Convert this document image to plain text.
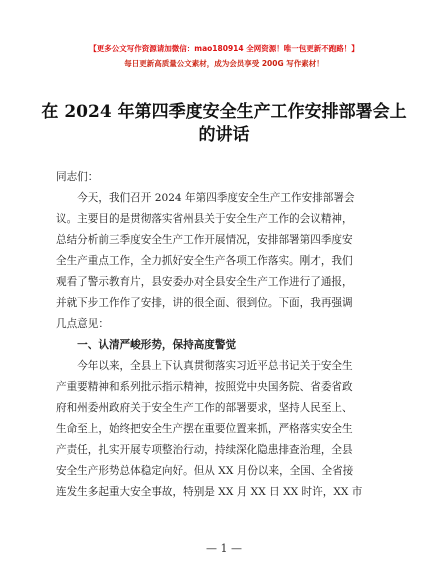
【更多公文写作资源请加微信：mao180914 全网资源！唯一包更新不跑路！】
每日更新高质量公文素材，成为会员享受 200G 写作素材！
在 2024 年第四季度安全生产工作安排部署会上
的讲话
同志们：
　　今天，我们召开 2024 年第四季度安全生产工作安排部署会
议。主要目的是贯彻落实省州县关于安全生产工作的会议精神，
总结分析前三季度安全生产工作开展情况，安排部署第四季度安
全生产重点工作，全力抓好安全生产各项工作落实。刚才，我们
观看了警示教育片，县安委办对全县安全生产工作进行了通报，
并就下步工作作了安排，讲的很全面、很到位。下面，我再强调
几点意见：
　　一、认清严峻形势，保持高度警觉
　　今年以来，全县上下认真贯彻落实习近平总书记关于安全生
产重要精神和系列批示指示精神，按照党中央国务院、省委省政
府和州委州政府关于安全生产工作的部署要求，坚持人民至上、
生命至上，始终把安全生产摆在重要位置来抓，严格落实安全生
产责任，扎实开展专项整治行动，持续深化隐患排查治理，全县
安全生产形势总体稳定向好。但从 XX 月份以来，全国、全省接
连发生多起重大安全事故，特别是 XX 月 XX 日 XX 时许，XX 市
— 1 —
